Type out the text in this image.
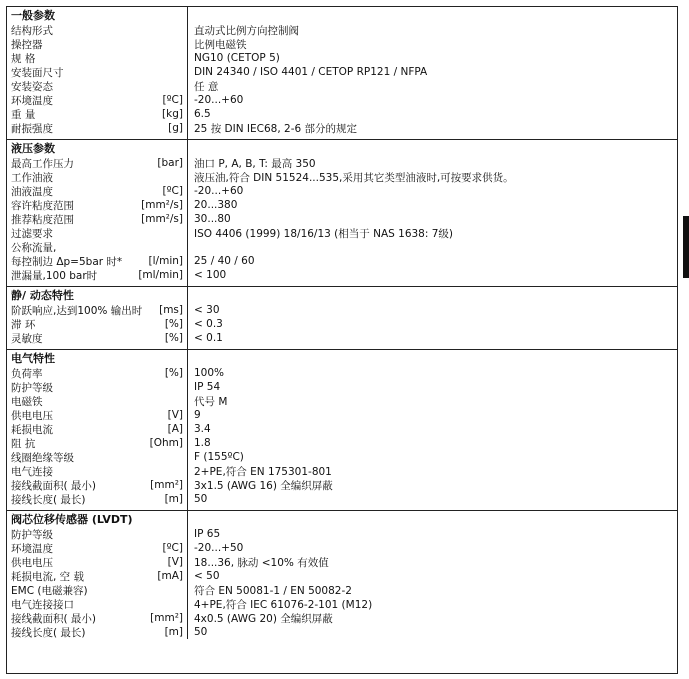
一般参数
结构形式	直动式比例方向控制阀
操控器	比例电磁铁
规 格	NG10 (CETOP 5)
安装面尺寸	DIN 24340 / ISO 4401 / CETOP RP121 / NFPA
安装姿态	任 意
环境温度	[ºC] -20...+60
重 量	[kg] 6.5
耐振强度	[g] 25 按 DIN IEC68, 2-6 部分的规定
液压参数
最高工作压力	[bar] 油口 P, A, B, T: 最高 350
工作油液	液压油,符合 DIN 51524...535,采用其它类型油液时,可按要求供货。
油液温度	[ºC] -20...+60
容许粘度范围	[mm²/s] 20...380
推荐粘度范围	[mm²/s] 30...80
过滤要求	ISO 4406 (1999) 18/16/13 (相当于 NAS 1638: 7级)
公称流量,
每控制边 Δp=5bar 时*	[l/min] 25 / 40 / 60
泄漏量,100 bar时	[ml/min] < 100
静/ 动态特性
阶跃响应,达到100% 输出时 [ms] < 30
滞 环	[%] < 0.3
灵敏度	[%] < 0.1
电气特性
负荷率	[%] 100%
防护等级	IP 54
电磁铁	代号 M
供电电压	[V] 9
耗损电流	[A] 3.4
阻 抗	[Ohm] 1.8
线圈绝缘等级	F (155ºC)
电气连接	2+PE,符合 EN 175301-801
接线截面积( 最小)	[mm²] 3x1.5 (AWG 16) 全编织屏蔽
接线长度( 最长)	[m] 50
阀芯位移传感器 (LVDT)
防护等级	IP 65
环境温度	[ºC] -20...+50
供电电压	[V] 18...36, 脉动 <10% 有效值
耗损电流, 空 载	[mA] < 50
EMC (电磁兼容)	符合 EN 50081-1 / EN 50082-2
电气连接接口	4+PE,符合 IEC 61076-2-101 (M12)
接线截面积( 最小)	[mm²] 4x0.5 (AWG 20) 全编织屏蔽
接线长度( 最长)	[m] 50
